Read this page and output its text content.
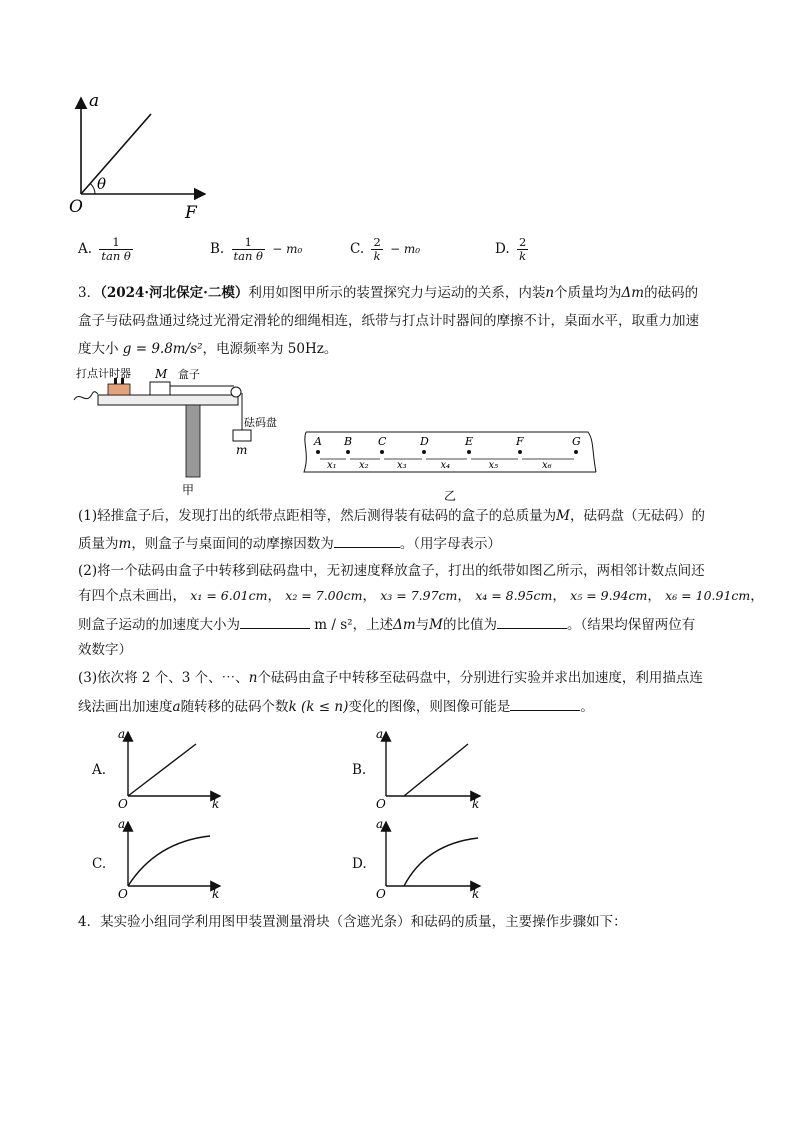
a
F
O
θ
A. $\frac{1}{\text{tan θ}}$	B. $\frac{1}{\text{tan θ}} - m_0$	C. $\frac{2}{k} - m_0$	D. $\frac{2}{k}$
3．（2024·河北保定·二模）利用如图甲所示的装置探究力与运动的关系，内装n个质量均为Δm的砝码的
盒子与砝码盘通过绕过光滑定滑轮的细绳相连，纸带与打点计时器间的摩擦不计，桌面水平，取重力加速
度大小 g = 9.8m/s²，电源频率为 50Hz。
打点计时器 M 盒子
砝码盘
m
甲
A B C	D	E	F	G
x₁ x₂	x₃	x₄	x₅	x₆
乙
(1)轻推盒子后，发现打出的纸带点距相等，然后测得装有砝码的盒子的总质量为M，砝码盘（无砝码）的
质量为m，则盒子与桌面间的动摩擦因数为	。（用字母表示）
(2)将一个砝码由盒子中转移到砝码盘中，无初速度释放盒子，打出的纸带如图乙所示，两相邻计数点间还
有四个点未画出， x₁ = 6.01cm， x₂ = 7.00cm， x₃ = 7.97cm， x₄ = 8.95cm， x₅ = 9.94cm， x₆ = 10.91cm，
则盒子运动的加速度大小为	m / s²，上述Δm与M的比值为	。（结果均保留两位有
效数字）
(3)依次将 2 个、3 个、⋯、n个砝码由盒子中转移至砝码盘中，分别进行实验并求出加速度，利用描点连
线法画出加速度a随转移的砝码个数k (k ≤ n)变化的图像，则图像可能是	。
A.
a
k
O
B.
a
k
O
C.
a
k
O
D.
a
k
O
4．某实验小组同学利用图甲装置测量滑块（含遮光条）和砝码的质量，主要操作步骤如下：
